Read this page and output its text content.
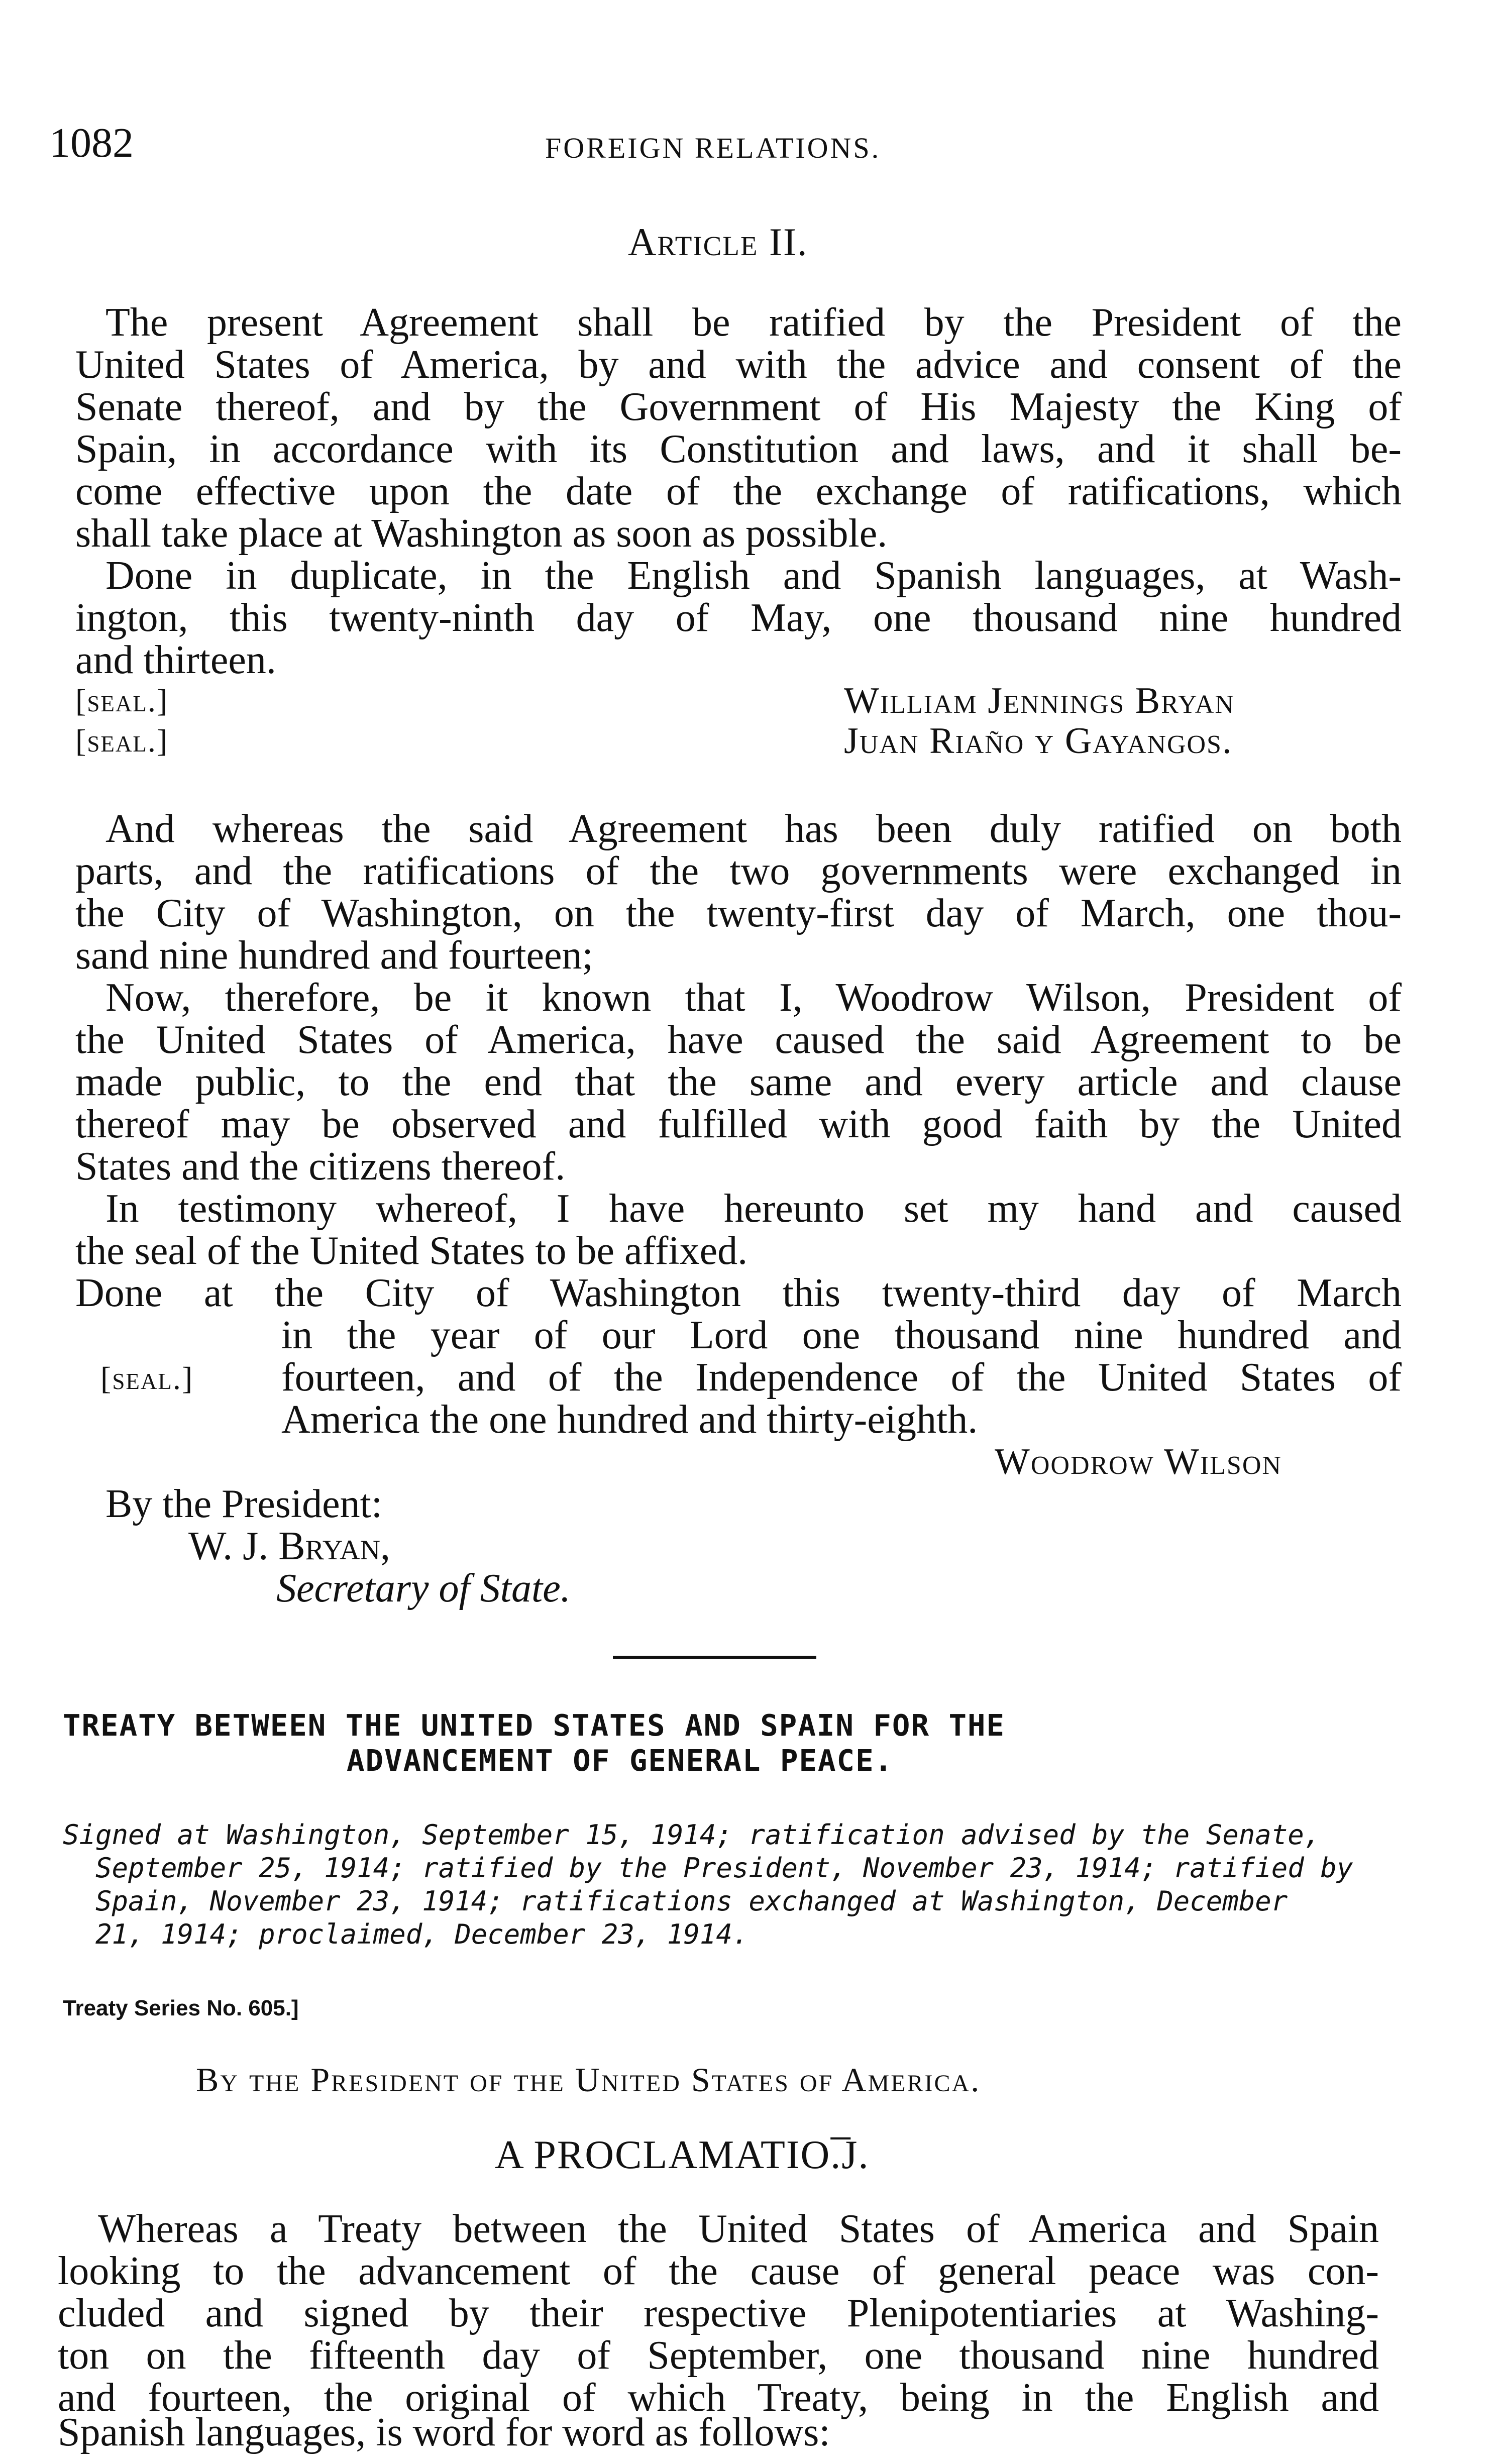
1082	FOREIGN RELATIONS.
Article II.
The present Agreement shall be ratified by the President of the
United States of America, by and with the advice and consent of the
Senate thereof, and by the Government of His Majesty the King of
Spain, in accordance with its Constitution and laws, and it shall be-
come effective upon the date of the exchange of ratifications, which
shall take place at Washington as soon as possible.
Done in duplicate, in the English and Spanish languages, at Wash-
ington, this twenty-ninth day of May, one thousand nine hundred
and thirteen.
[seal.]
[seal.]
William Jennings Bryan
Juan Riaño y Gayangos.
And whereas the said Agreement has been duly ratified on both
parts, and the ratifications of the two governments were exchanged in
the City of Washington, on the twenty-first day of March, one thou-
sand nine hundred and fourteen;
Now, therefore, be it known that I, Woodrow Wilson, President of
the United States of America, have caused the said Agreement to be
made public, to the end that the same and every article and clause
thereof may be observed and fulfilled with good faith by the United
States and the citizens thereof.
In testimony whereof, I have hereunto set my hand and caused
the seal of the United States to be affixed.
Done at the City of Washington this twenty-third day of March
in the year of our Lord one thousand nine hundred and
fourteen, and of the Independence of the United States of
America the one hundred and thirty-eighth.
[seal.]
Woodrow Wilson
By the President:
W. J. Bryan,
Secretary of State.
TREATY BETWEEN THE UNITED STATES AND SPAIN FOR THE
ADVANCEMENT OF GENERAL PEACE.
Signed at Washington, September 15, 1914; ratification advised by the Senate,
September 25, 1914; ratified by the President, November 23, 1914; ratified by
Spain, November 23, 1914; ratifications exchanged at Washington, December
21, 1914; proclaimed, December 23, 1914.
Treaty Series No. 605.]
By the President of the United States of America.
A PROCLAMATIO.̅J.
Whereas a Treaty between the United States of America and Spain
looking to the advancement of the cause of general peace was con-
cluded and signed by their respective Plenipotentiaries at Washing-
ton on the fifteenth day of September, one thousand nine hundred
and fourteen, the original of which Treaty, being in the English and
Spanish languages, is word for word as follows:
